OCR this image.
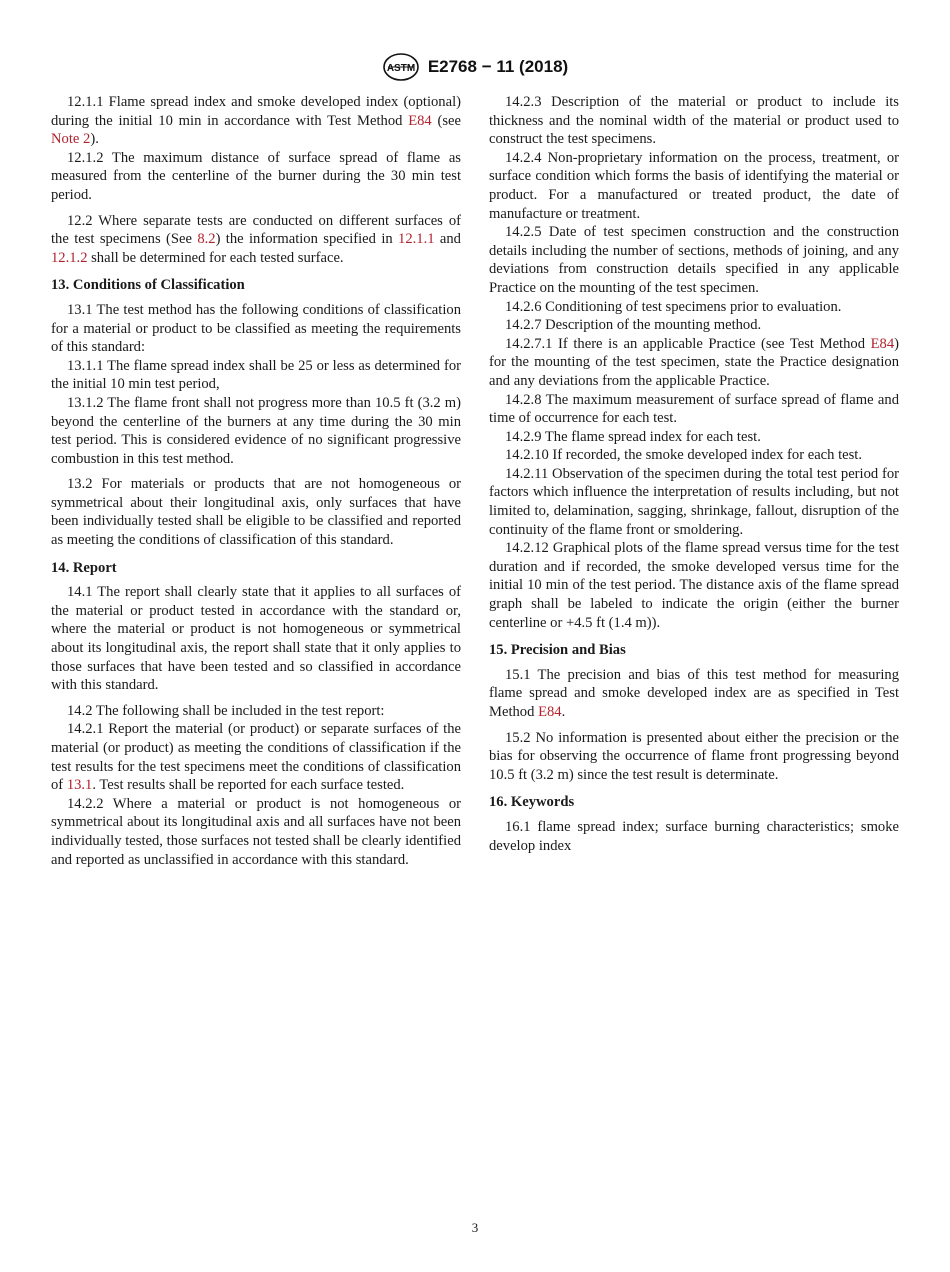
ASTM E2768 − 11 (2018)

12.1.1 Flame spread index and smoke developed index (optional) during the initial 10 min in accordance with Test Method E84 (see Note 2).

12.1.2 The maximum distance of surface spread of flame as measured from the centerline of the burner during the 30 min test period.

12.2 Where separate tests are conducted on different surfaces of the test specimens (See 8.2) the information specified in 12.1.1 and 12.1.2 shall be determined for each tested surface.

13. Conditions of Classification

13.1 The test method has the following conditions of classification for a material or product to be classified as meeting the requirements of this standard:

13.1.1 The flame spread index shall be 25 or less as determined for the initial 10 min test period,

13.1.2 The flame front shall not progress more than 10.5 ft (3.2 m) beyond the centerline of the burners at any time during the 30 min test period. This is considered evidence of no significant progressive combustion in this test method.

13.2 For materials or products that are not homogeneous or symmetrical about their longitudinal axis, only surfaces that have been individually tested shall be eligible to be classified and reported as meeting the conditions of classification of this standard.

14. Report

14.1 The report shall clearly state that it applies to all surfaces of the material or product tested in accordance with the standard or, where the material or product is not homogeneous or symmetrical about its longitudinal axis, the report shall state that it only applies to those surfaces that have been tested and so classified in accordance with this standard.

14.2 The following shall be included in the test report:

14.2.1 Report the material (or product) or separate surfaces of the material (or product) as meeting the conditions of classification if the test results for the test specimens meet the conditions of classification of 13.1. Test results shall be reported for each surface tested.

14.2.2 Where a material or product is not homogeneous or symmetrical about its longitudinal axis and all surfaces have not been individually tested, those surfaces not tested shall be clearly identified and reported as unclassified in accordance with this standard.

14.2.3 Description of the material or product to include its thickness and the nominal width of the material or product used to construct the test specimens.

14.2.4 Non-proprietary information on the process, treatment, or surface condition which forms the basis of identifying the material or product. For a manufactured or treated product, the date of manufacture or treatment.

14.2.5 Date of test specimen construction and the construction details including the number of sections, methods of joining, and any deviations from construction details specified in any applicable Practice on the mounting of the test specimen.

14.2.6 Conditioning of test specimens prior to evaluation.

14.2.7 Description of the mounting method.

14.2.7.1 If there is an applicable Practice (see Test Method E84) for the mounting of the test specimen, state the Practice designation and any deviations from the applicable Practice.

14.2.8 The maximum measurement of surface spread of flame and time of occurrence for each test.

14.2.9 The flame spread index for each test.

14.2.10 If recorded, the smoke developed index for each test.

14.2.11 Observation of the specimen during the total test period for factors which influence the interpretation of results including, but not limited to, delamination, sagging, shrinkage, fallout, disruption of the continuity of the flame front or smoldering.

14.2.12 Graphical plots of the flame spread versus time for the test duration and if recorded, the smoke developed versus time for the initial 10 min of the test period. The distance axis of the flame spread graph shall be labeled to indicate the origin (either the burner centerline or +4.5 ft (1.4 m)).

15. Precision and Bias

15.1 The precision and bias of this test method for measuring flame spread and smoke developed index are as specified in Test Method E84.

15.2 No information is presented about either the precision or the bias for observing the occurrence of flame front progressing beyond 10.5 ft (3.2 m) since the test result is determinate.

16. Keywords

16.1 flame spread index; surface burning characteristics; smoke develop index

3
